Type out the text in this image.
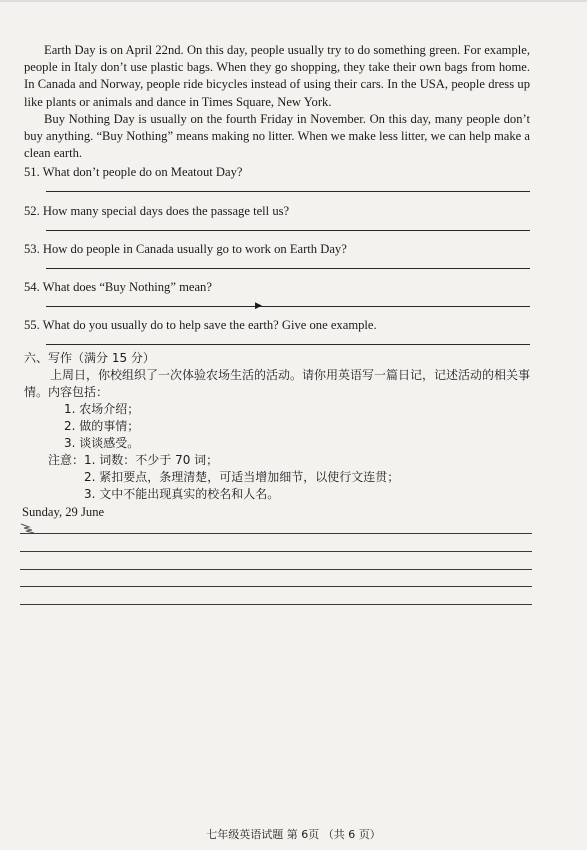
Earth Day is on April 22nd. On this day, people usually try to do something green. For example, people in Italy don’t use plastic bags. When they go shopping, they take their own bags from home. In Canada and Norway, people ride bicycles instead of using their cars. In the USA, people dress up like plants or animals and dance in Times Square, New York.
Buy Nothing Day is usually on the fourth Friday in November. On this day, many people don’t buy anything. “Buy Nothing” means making no litter. When we make less litter, we can help make a clean earth.
51. What don’t people do on Meatout Day?
52. How many special days does the passage tell us?
53. How do people in Canada usually go to work on Earth Day?
54. What does “Buy Nothing” mean?
▶
55. What do you usually do to help save the earth? Give one example.
六、写作（满分 15 分）
上周日，你校组织了一次体验农场生活的活动。请你用英语写一篇日记，记述活动的相关事情。内容包括：
1. 农场介绍；
2. 做的事情；
3. 谈谈感受。
注意：1. 词数：不少于 70 词；
2. 紧扣要点，条理清楚，可适当增加细节，以使行文连贯；
3. 文中不能出现真实的校名和人名。
Sunday, 29 June
七年级英语试题 第 6页 （共 6 页）
